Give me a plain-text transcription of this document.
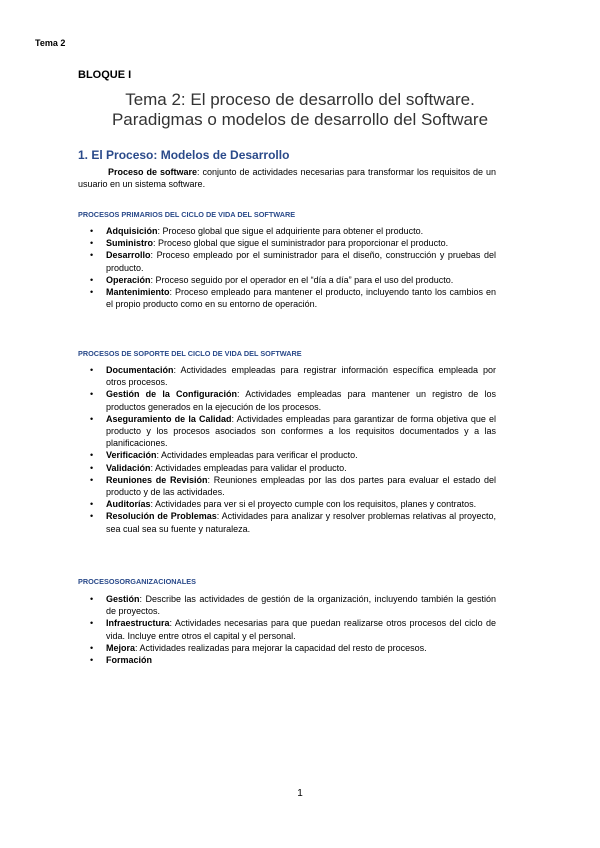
Tema 2
BLOQUE I
Tema 2: El proceso de desarrollo del software.
Paradigmas o modelos de desarrollo del Software
1. El Proceso: Modelos de Desarrollo
Proceso de software: conjunto de actividades necesarias para transformar los requisitos de un usuario en un sistema software.
PROCESOS PRIMARIOS DEL CICLO DE VIDA DEL SOFTWARE
• Adquisición: Proceso global que sigue el adquiriente para obtener el producto.
• Suministro: Proceso global que sigue el suministrador para proporcionar el producto.
• Desarrollo: Proceso empleado por el suministrador para el diseño, construcción y pruebas del producto.
• Operación: Proceso seguido por el operador en el “día a día” para el uso del producto.
• Mantenimiento: Proceso empleado para mantener el producto, incluyendo tanto los cambios en el propio producto como en su entorno de operación.
PROCESOS DE SOPORTE DEL CICLO DE VIDA DEL SOFTWARE
• Documentación: Actividades empleadas para registrar información específica empleada por otros procesos.
• Gestión de la Configuración: Actividades empleadas para mantener un registro de los productos generados en la ejecución de los procesos.
• Aseguramiento de la Calidad: Actividades empleadas para garantizar de forma objetiva que el producto y los procesos asociados son conformes a los requisitos documentados y a las planificaciones.
• Verificación: Actividades empleadas para verificar el producto.
• Validación: Actividades empleadas para validar el producto.
• Reuniones de Revisión: Reuniones empleadas por las dos partes para evaluar el estado del producto y de las actividades.
• Auditorías: Actividades para ver si el proyecto cumple con los requisitos, planes y contratos.
• Resolución de Problemas: Actividades para analizar y resolver problemas relativas al proyecto, sea cual sea su fuente y naturaleza.
PROCESOSORGANIZACIONALES
• Gestión: Describe las actividades de gestión de la organización, incluyendo también la gestión de proyectos.
• Infraestructura: Actividades necesarias para que puedan realizarse otros procesos del ciclo de vida. Incluye entre otros el capital y el personal.
• Mejora: Actividades realizadas para mejorar la capacidad del resto de procesos.
• Formación
1
